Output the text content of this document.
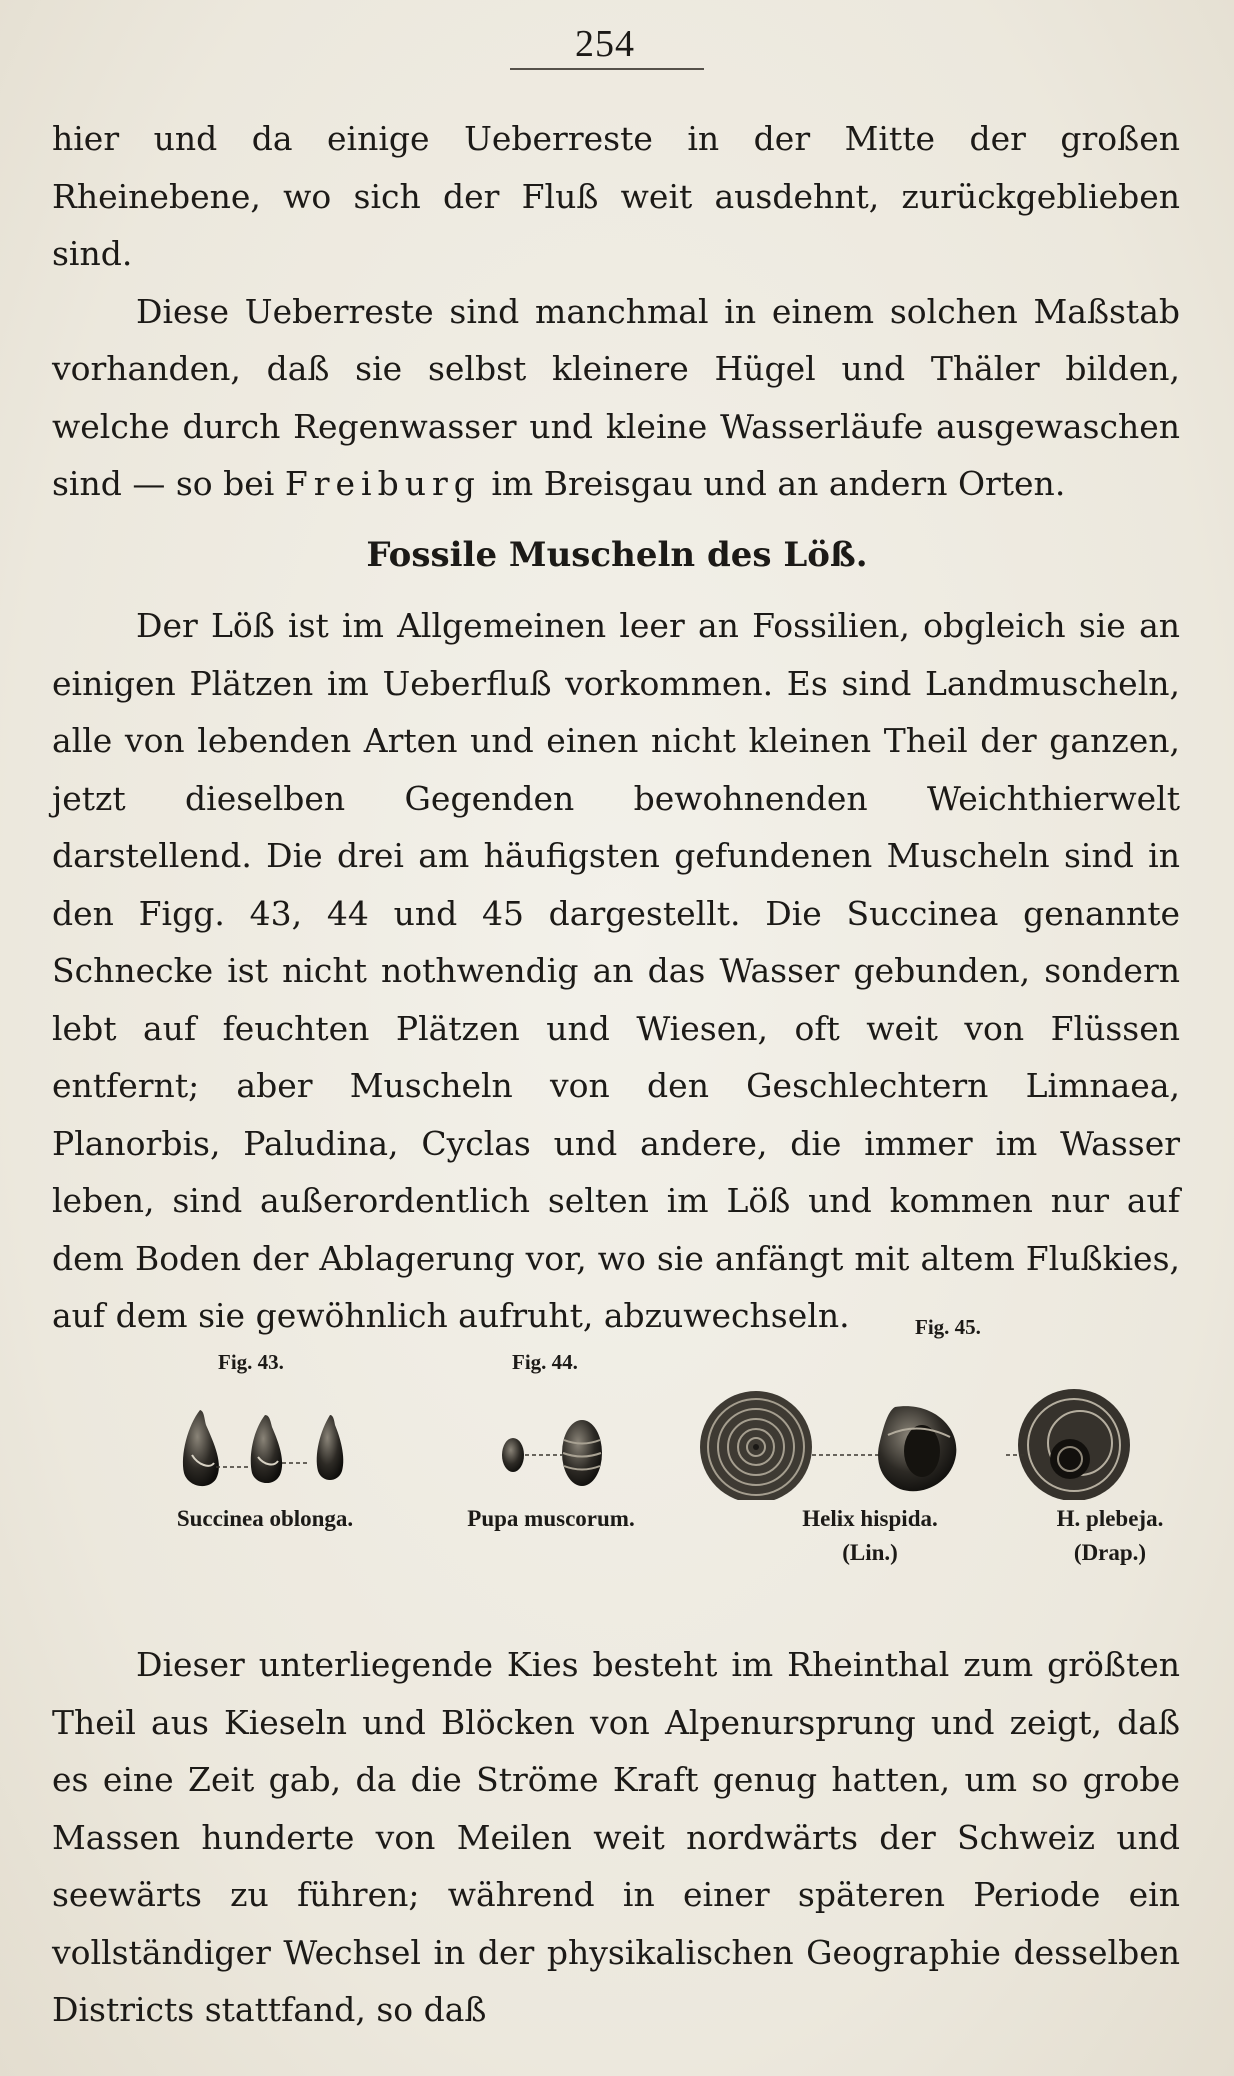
254

hier und da einige Ueberreste in der Mitte der großen Rheinebene, wo sich der Fluß weit ausdehnt, zurückgeblieben sind.

Diese Ueberreste sind manchmal in einem solchen Maßstab vorhanden, daß sie selbst kleinere Hügel und Thäler bilden, welche durch Regenwasser und kleine Wasserläufe ausgewaschen sind — so bei Freiburg im Breisgau und an andern Orten.

Fossile Muscheln des Löß.

Der Löß ist im Allgemeinen leer an Fossilien, obgleich sie an einigen Plätzen im Ueberfluß vorkommen. Es sind Landmuscheln, alle von lebenden Arten und einen nicht kleinen Theil der ganzen, jetzt dieselben Gegenden bewohnenden Weichthierwelt darstellend. Die drei am häufigsten gefundenen Muscheln sind in den Figg. 43, 44 und 45 dargestellt. Die Succinea genannte Schnecke ist nicht nothwendig an das Wasser gebunden, sondern lebt auf feuchten Plätzen und Wiesen, oft weit von Flüssen entfernt; aber Muscheln von den Geschlechtern Limnaea, Planorbis, Paludina, Cyclas und andere, die immer im Wasser leben, sind außerordentlich selten im Löß und kommen nur auf dem Boden der Ablagerung vor, wo sie anfängt mit altem Flußkies, auf dem sie gewöhnlich aufruht, abzuwechseln.

Fig. 43.	Fig. 44.
Fig. 45.
Succinea oblonga.	Pupa muscorum.	Helix hispida.
(Lin.)
H. plebeja.
(Drap.)

Dieser unterliegende Kies besteht im Rheinthal zum größten Theil aus Kieseln und Blöcken von Alpenursprung und zeigt, daß es eine Zeit gab, da die Ströme Kraft genug hatten, um so grobe Massen hunderte von Meilen weit nordwärts der Schweiz und seewärts zu führen; während in einer späteren Periode ein vollständiger Wechsel in der physikalischen Geographie desselben Districts stattfand, so daß
